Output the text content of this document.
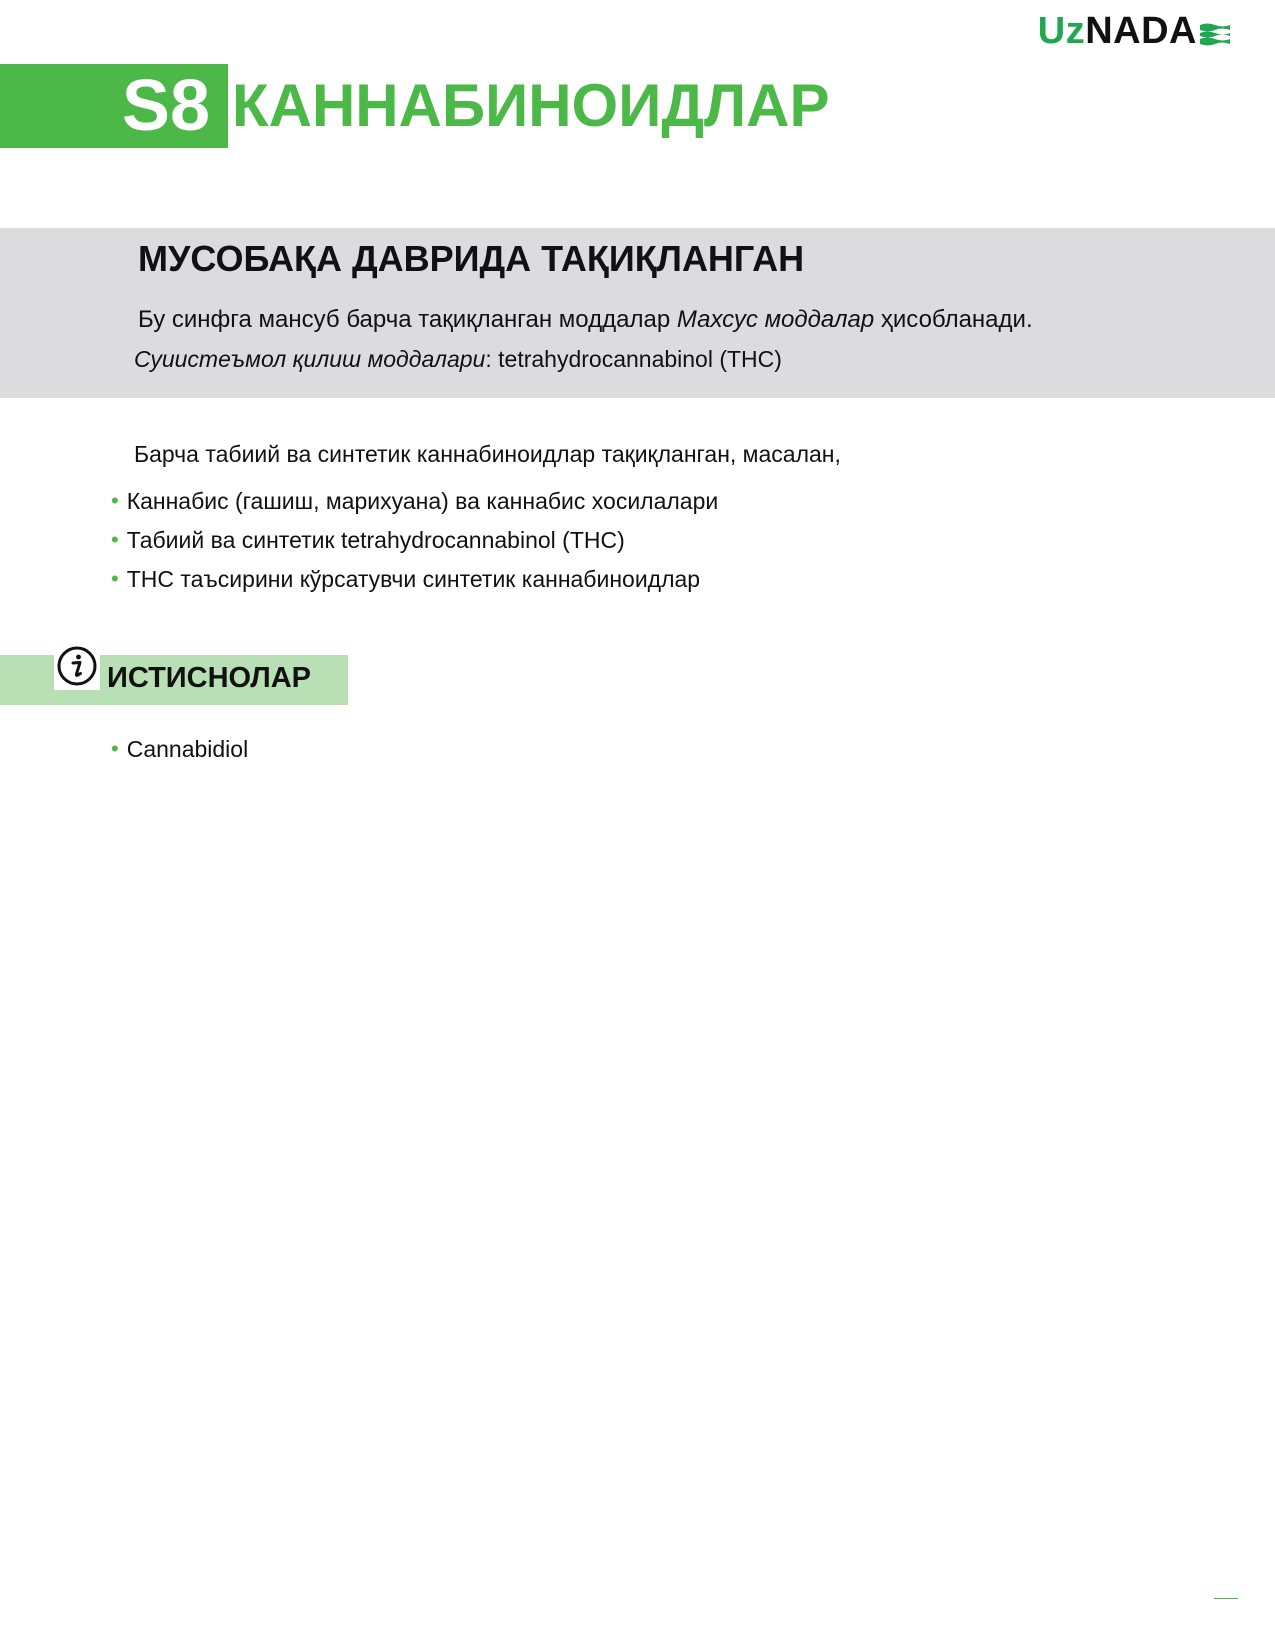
Uz NADA
S8 КАННАБИНОИДЛАР
МУСОБАҚА ДАВРИДА ТАҚИҚЛАНГАН
Бу синфга мансуб барча тақиқланган моддалар Махсус моддалар ҳисобланади.
Суиистеъмол қилиш моддалари: tetrahydrocannabinol (THC)
Барча табиий ва синтетик каннабиноидлар тақиқланган, масалан,
• Каннабис (гашиш, марихуана) ва каннабис хосилалари
• Табиий ва синтетик tetrahydrocannabinol (THC)
• THC таъсирини кўрсатувчи синтетик каннабиноидлар
ИСТИСНОЛАР
• Cannabidiol
